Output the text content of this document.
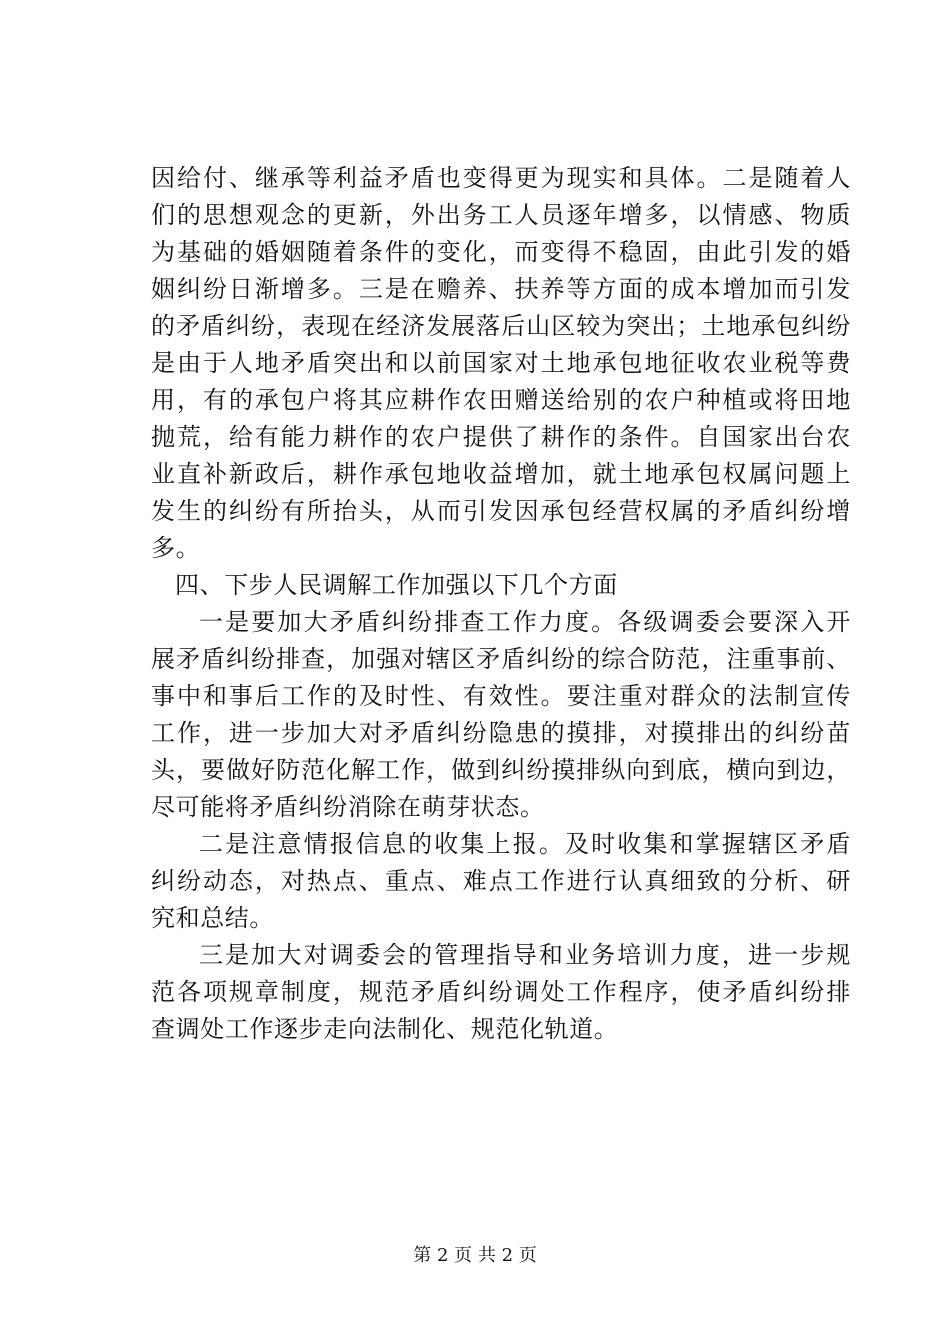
因给付、继承等利益矛盾也变得更为现实和具体。二是随着人
们的思想观念的更新，外出务工人员逐年增多，以情感、物质
为基础的婚姻随着条件的变化，而变得不稳固，由此引发的婚
姻纠纷日渐增多。三是在赡养、扶养等方面的成本增加而引发
的矛盾纠纷，表现在经济发展落后山区较为突出；土地承包纠纷
是由于人地矛盾突出和以前国家对土地承包地征收农业税等费
用，有的承包户将其应耕作农田赠送给别的农户种植或将田地
抛荒，给有能力耕作的农户提供了耕作的条件。自国家出台农
业直补新政后，耕作承包地收益增加，就土地承包权属问题上
发生的纠纷有所抬头，从而引发因承包经营权属的矛盾纠纷增
多。
四、下步人民调解工作加强以下几个方面
一是要加大矛盾纠纷排查工作力度。各级调委会要深入开
展矛盾纠纷排查，加强对辖区矛盾纠纷的综合防范，注重事前、
事中和事后工作的及时性、有效性。要注重对群众的法制宣传
工作，进一步加大对矛盾纠纷隐患的摸排，对摸排出的纠纷苗
头，要做好防范化解工作，做到纠纷摸排纵向到底，横向到边，
尽可能将矛盾纠纷消除在萌芽状态。
二是注意情报信息的收集上报。及时收集和掌握辖区矛盾
纠纷动态，对热点、重点、难点工作进行认真细致的分析、研
究和总结。
三是加大对调委会的管理指导和业务培训力度，进一步规
范各项规章制度，规范矛盾纠纷调处工作程序，使矛盾纠纷排
查调处工作逐步走向法制化、规范化轨道。
第 2 页 共 2 页
